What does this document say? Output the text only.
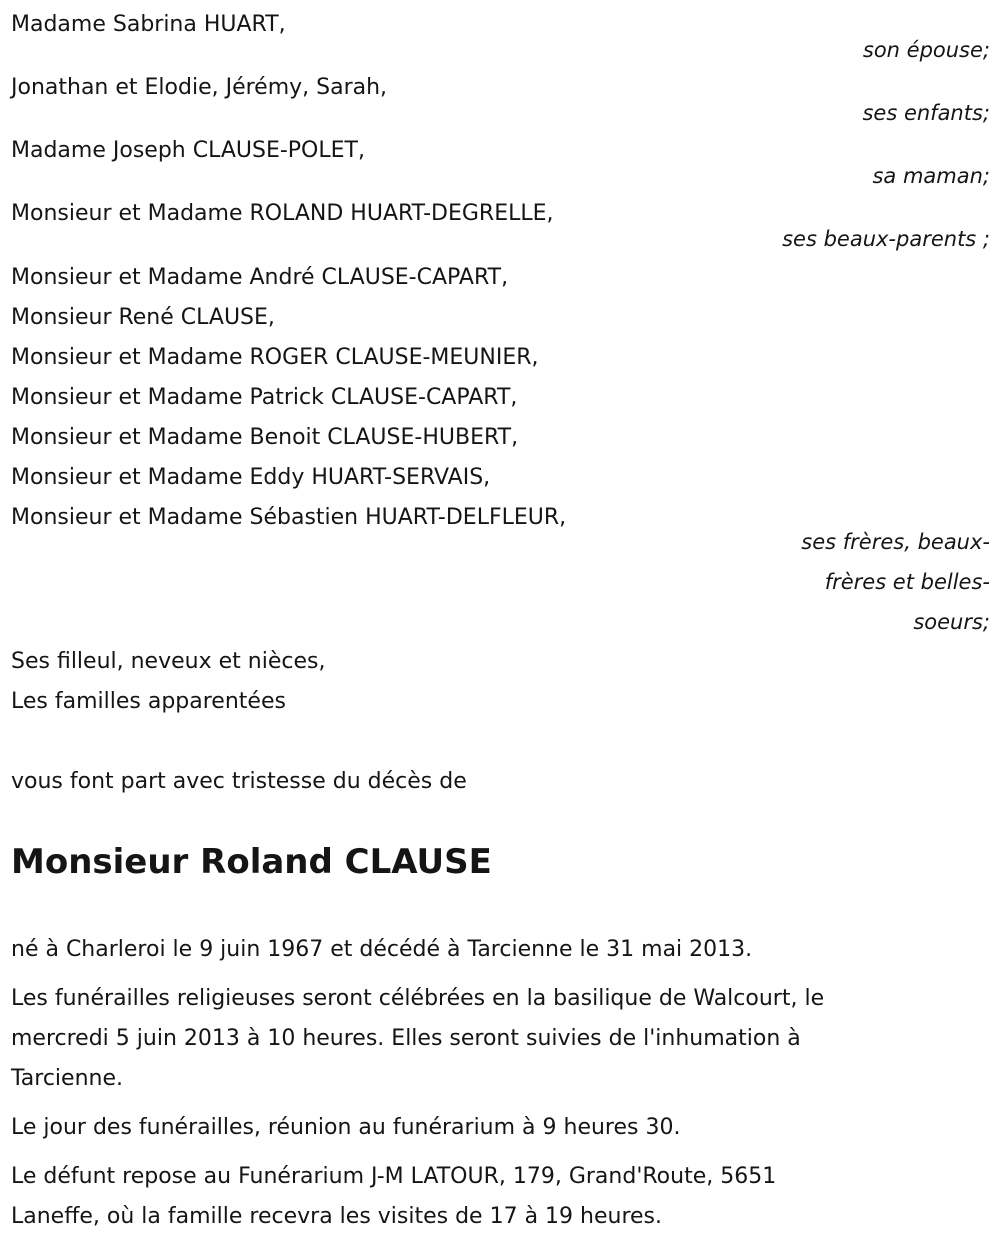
Madame Sabrina HUART,
son épouse;
Jonathan et Elodie, Jérémy, Sarah,
ses enfants;
Madame Joseph CLAUSE-POLET,
sa maman;
Monsieur et Madame ROLAND HUART-DEGRELLE,
ses beaux-parents ;
Monsieur et Madame André CLAUSE-CAPART,
Monsieur René CLAUSE,
Monsieur et Madame ROGER CLAUSE-MEUNIER,
Monsieur et Madame Patrick CLAUSE-CAPART,
Monsieur et Madame Benoit CLAUSE-HUBERT,
Monsieur et Madame Eddy HUART-SERVAIS,
Monsieur et Madame Sébastien HUART-DELFLEUR,
ses frères, beaux-
frères et belles-
soeurs;
Ses filleul, neveux et nièces,
Les familles apparentées
vous font part avec tristesse du décès de
Monsieur Roland CLAUSE
né à Charleroi le 9 juin 1967 et décédé à Tarcienne le 31 mai 2013.
Les funérailles religieuses seront célébrées en la basilique de Walcourt, le
mercredi 5 juin 2013 à 10 heures. Elles seront suivies de l'inhumation à
Tarcienne.
Le jour des funérailles, réunion au funérarium à 9 heures 30.
Le défunt repose au Funérarium J-M LATOUR, 179, Grand'Route, 5651
Laneffe, où la famille recevra les visites de 17 à 19 heures.
